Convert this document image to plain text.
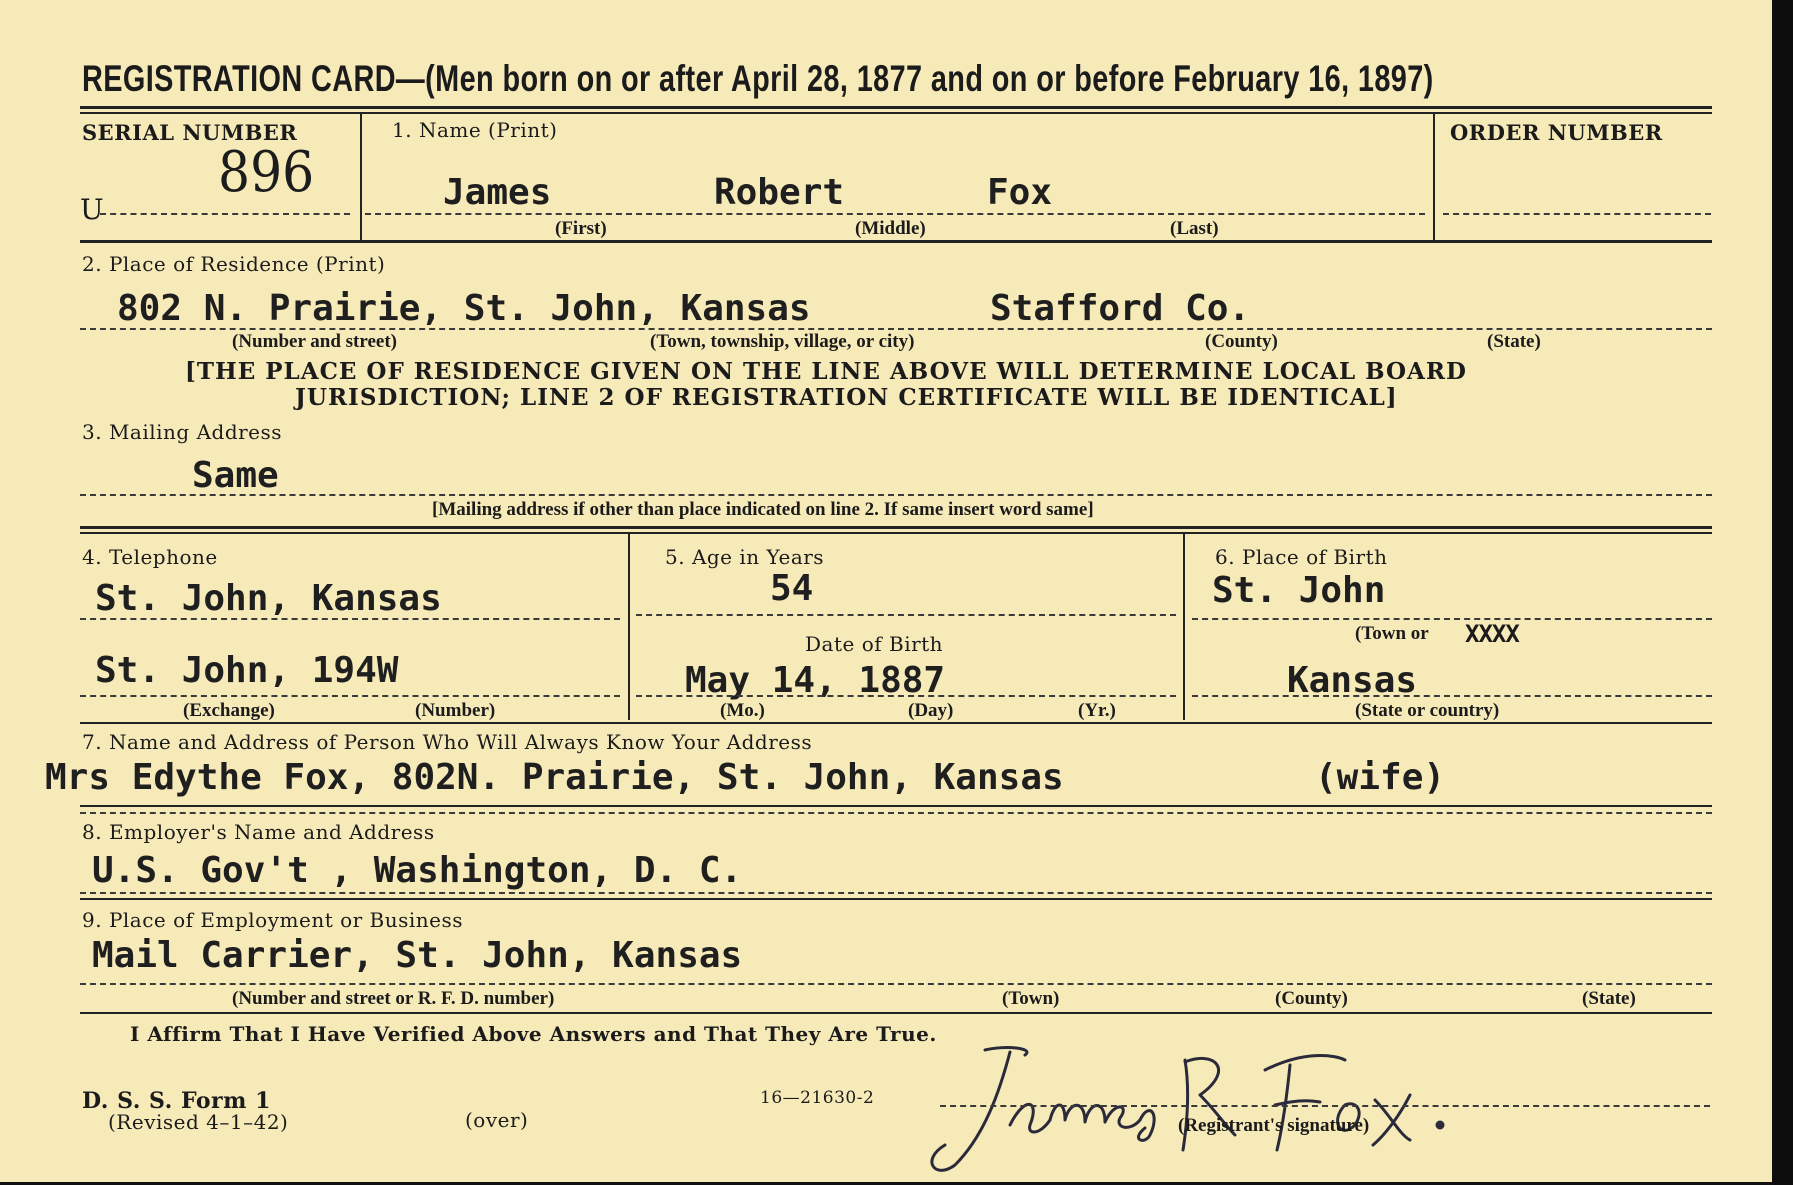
REGISTRATION CARD—(Men born on or after April 28, 1877 and on or before February 16, 1897)
SERIAL NUMBER
U
896
1. Name (Print)
James	Robert	Fox
(First)	(Middle)	(Last)
ORDER NUMBER
2. Place of Residence (Print)
802 N. Prairie, St. John, Kansas	Stafford Co.
(Number and street)	(Town, township, village, or city)	(County)	(State)
[THE PLACE OF RESIDENCE GIVEN ON THE LINE ABOVE WILL DETERMINE LOCAL BOARD
JURISDICTION; LINE 2 OF REGISTRATION CERTIFICATE WILL BE IDENTICAL]
3. Mailing Address
Same
[Mailing address if other than place indicated on line 2. If same insert word same]
4. Telephone
St. John, Kansas
St. John, 194W
(Exchange)	(Number)
5. Age in Years
54
Date of Birth
May 14, 1887
(Mo.)	(Day)	(Yr.)
6. Place of Birth
St. John
(Town or XXXX
Kansas
(State or country)
7. Name and Address of Person Who Will Always Know Your Address
Mrs Edythe Fox, 802N. Prairie, St. John, Kansas	(wife)
8. Employer's Name and Address
U.S. Gov't , Washington, D. C.
9. Place of Employment or Business
Mail Carrier, St. John, Kansas
(Number and street or R. F. D. number)	(Town)	(County)	(State)
I Affirm That I Have Verified Above Answers and That They Are True.
D. S. S. Form 1
(Revised 4–1–42)	(over)
16—21630-2
(Registrant's signature)
